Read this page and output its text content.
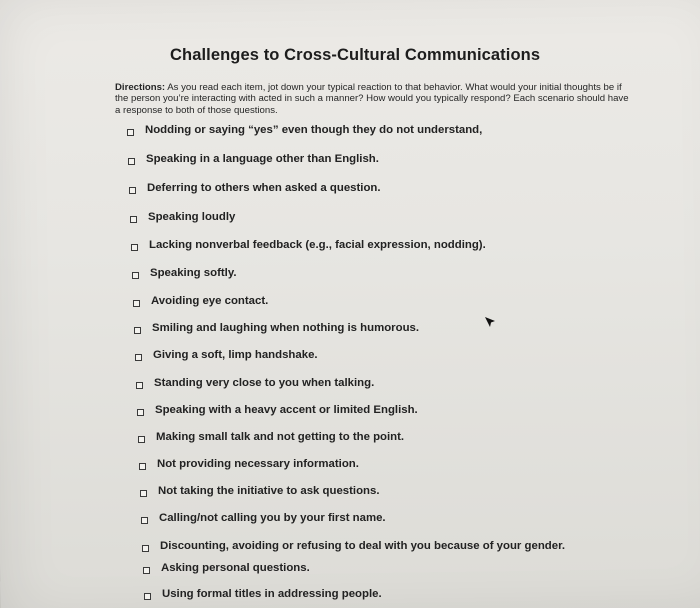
Challenges to Cross-Cultural Communications
Directions: As you read each item, jot down your typical reaction to that behavior. What would your initial thoughts be if the person you’re interacting with acted in such a manner? How would you typically respond? Each scenario should have a response to both of those questions.
Nodding or saying “yes” even though they do not understand,
Speaking in a language other than English.
Deferring to others when asked a question.
Speaking loudly
Lacking nonverbal feedback (e.g., facial expression, nodding).
Speaking softly.
Avoiding eye contact.
Smiling and laughing when nothing is humorous.
Giving a soft, limp handshake.
Standing very close to you when talking.
Speaking with a heavy accent or limited English.
Making small talk and not getting to the point.
Not providing necessary information.
Not taking the initiative to ask questions.
Calling/not calling you by your first name.
Discounting, avoiding or refusing to deal with you because of your gender.
Asking personal questions.
Using formal titles in addressing people.
